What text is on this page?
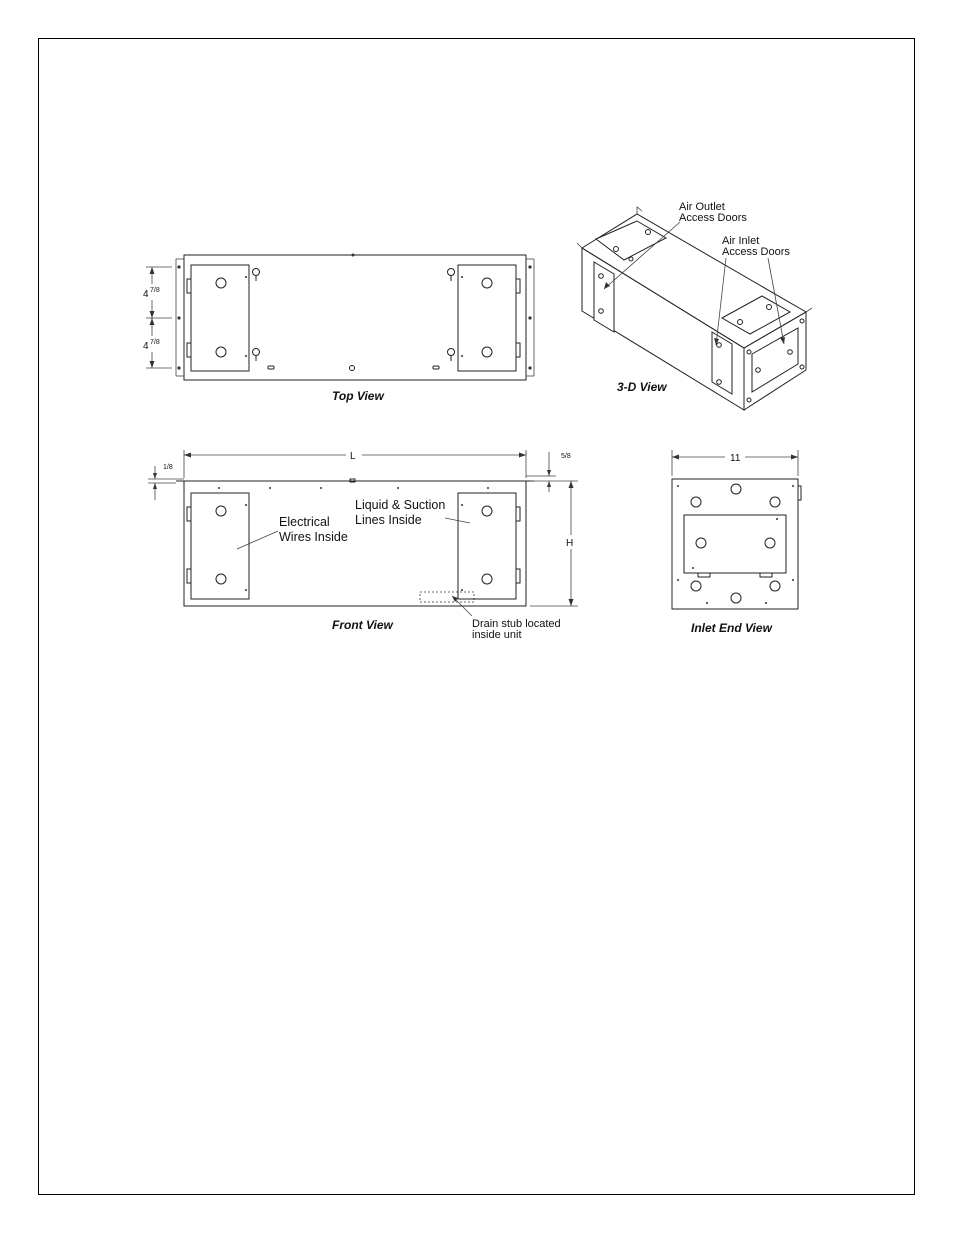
4 7/8
4 7/8
Top View
Air Outlet
Access Doors
Air Inlet
Access Doors
3-D View
L
H
5/8
1/8
Electrical
Wires Inside
Liquid & Suction
Lines Inside
Drain stub located
inside unit
Front View
11
Inlet End View
